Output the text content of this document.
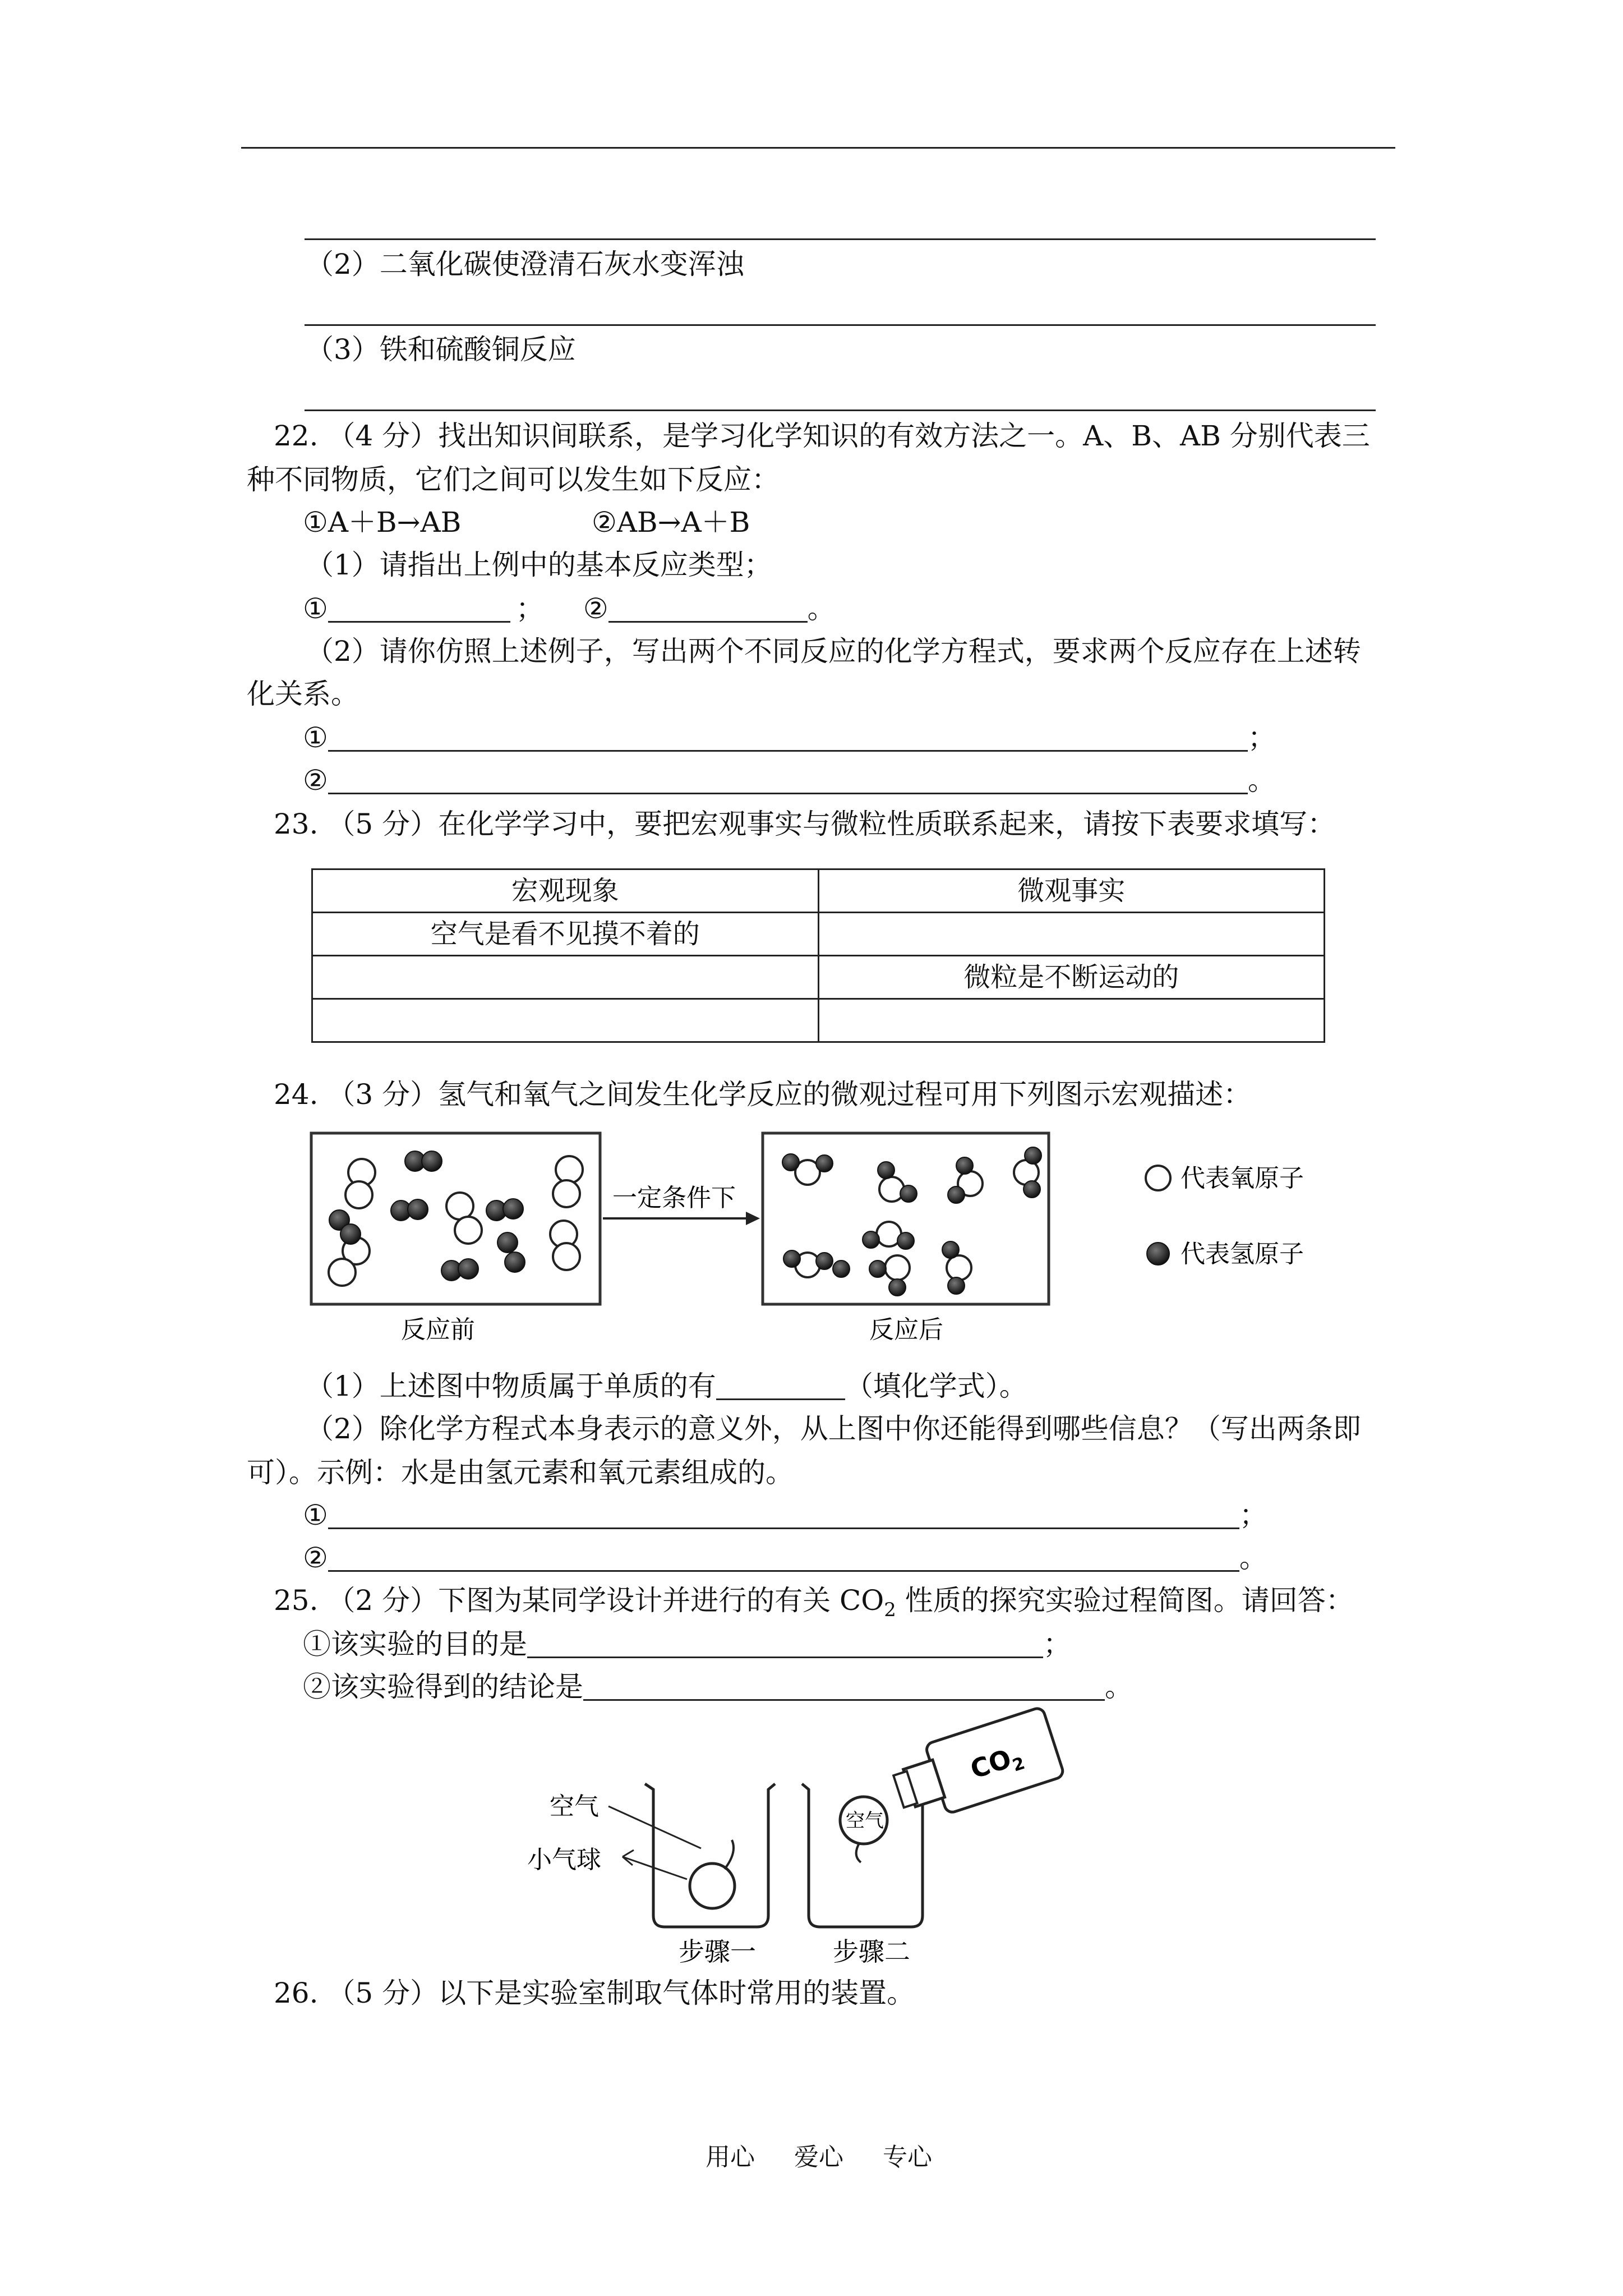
（2）二氧化碳使澄清石灰水变浑浊
（3）铁和硫酸铜反应
22. （4 分）找出知识间联系，是学习化学知识的有效方法之一。A、B、AB 分别代表三
种不同物质，它们之间可以发生如下反应：
①A＋B→AB	②AB→A＋B
（1）请指出上例中的基本反应类型；
①	； ②	。
（2）请你仿照上述例子，写出两个不同反应的化学方程式，要求两个反应存在上述转
化关系。
①	；
②	。
23. （5 分）在化学学习中，要把宏观事实与微粒性质联系起来，请按下表要求填写：
宏观现象	微观事实
空气是看不见摸不着的	
	微粒是不断运动的

24. （3 分）氢气和氧气之间发生化学反应的微观过程可用下列图示宏观描述：
一定条件下
代表氧原子
代表氢原子
反应前	反应后
（1）上述图中物质属于单质的有	（填化学式）。
（2）除化学方程式本身表示的意义外，从上图中你还能得到哪些信息？（写出两条即
可）。示例：水是由氢元素和氧元素组成的。
①	；
②	。
25. （2 分）下图为某同学设计并进行的有关 $CO_2$ 性质的探究实验过程简图。请回答：
①该实验的目的是	；
②该实验得到的结论是	。
空气
小气球
空气
$CO_2$
步骤一	步骤二
26. （5 分）以下是实验室制取气体时常用的装置。
用心 爱心 专心
